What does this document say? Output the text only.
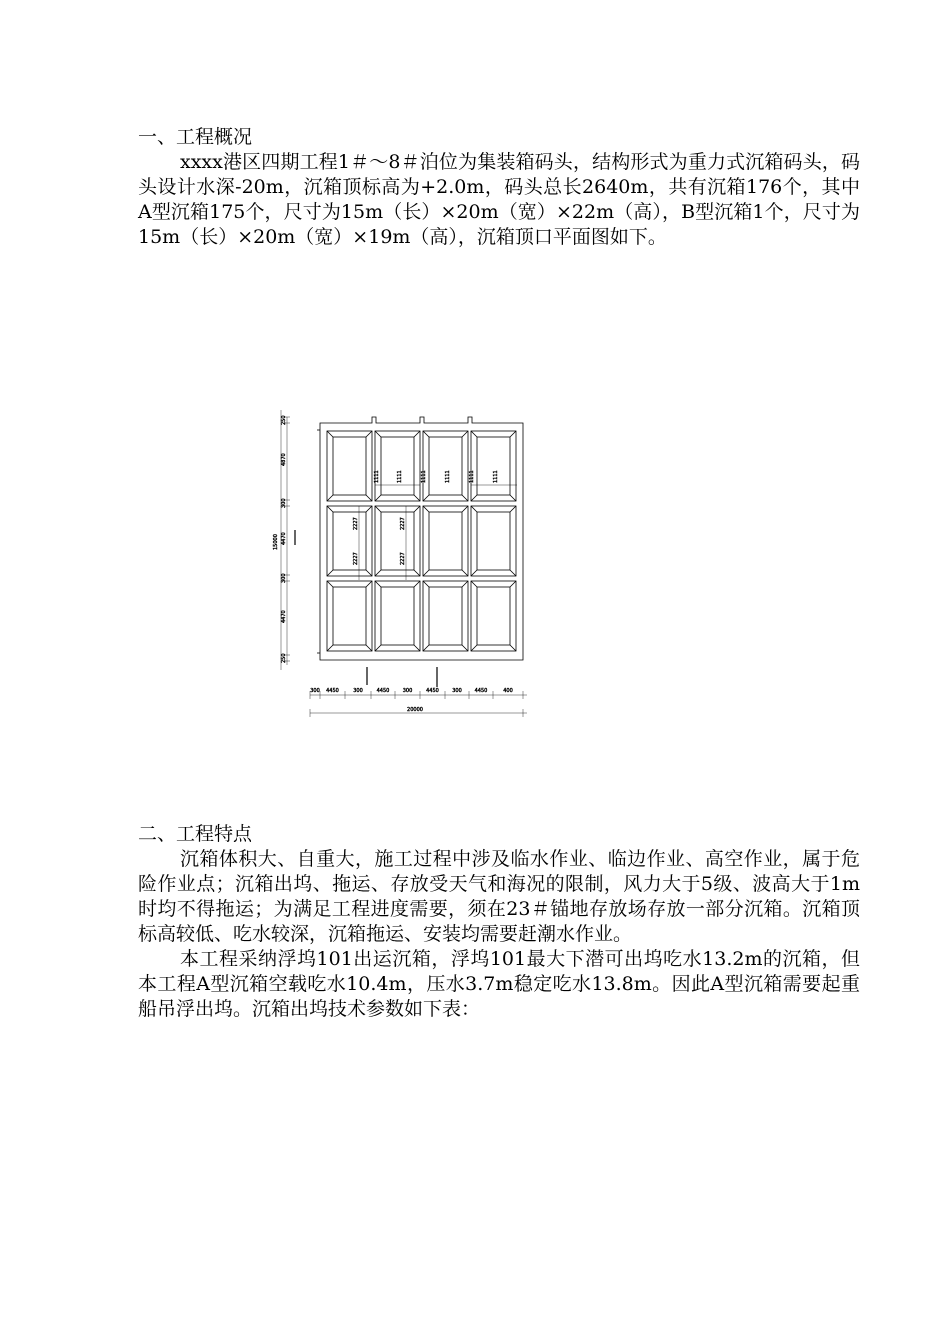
一、工程概况

xxxx港区四期工程1＃～8＃泊位为集装箱码头，结构形式为重力式沉箱码头，码头设计水深-20m，沉箱顶标高为+2.0m，码头总长2640m，共有沉箱176个，其中A型沉箱175个，尺寸为15m（长）×20m（宽）×22m（高），B型沉箱1个，尺寸为15m（长）×20m（宽）×19m（高），沉箱顶口平面图如下。

1111	1111	1111	1111
1111	1111
2227
2227
2227
2227
250
4870
300
4470
300
4470
250
15000
300 4450	300	4450	300	4450	300	4450	400
20000
二、工程特点

沉箱体积大、自重大，施工过程中涉及临水作业、临边作业、高空作业，属于危险作业点；沉箱出坞、拖运、存放受天气和海况的限制，风力大于5级、波高大于1m时均不得拖运；为满足工程进度需要，须在23＃锚地存放场存放一部分沉箱。沉箱顶标高较低、吃水较深，沉箱拖运、安装均需要赶潮水作业。

本工程采纳浮坞101出运沉箱，浮坞101最大下潜可出坞吃水13.2m的沉箱，但本工程A型沉箱空载吃水10.4m，压水3.7m稳定吃水13.8m。因此A型沉箱需要起重船吊浮出坞。沉箱出坞技术参数如下表：
